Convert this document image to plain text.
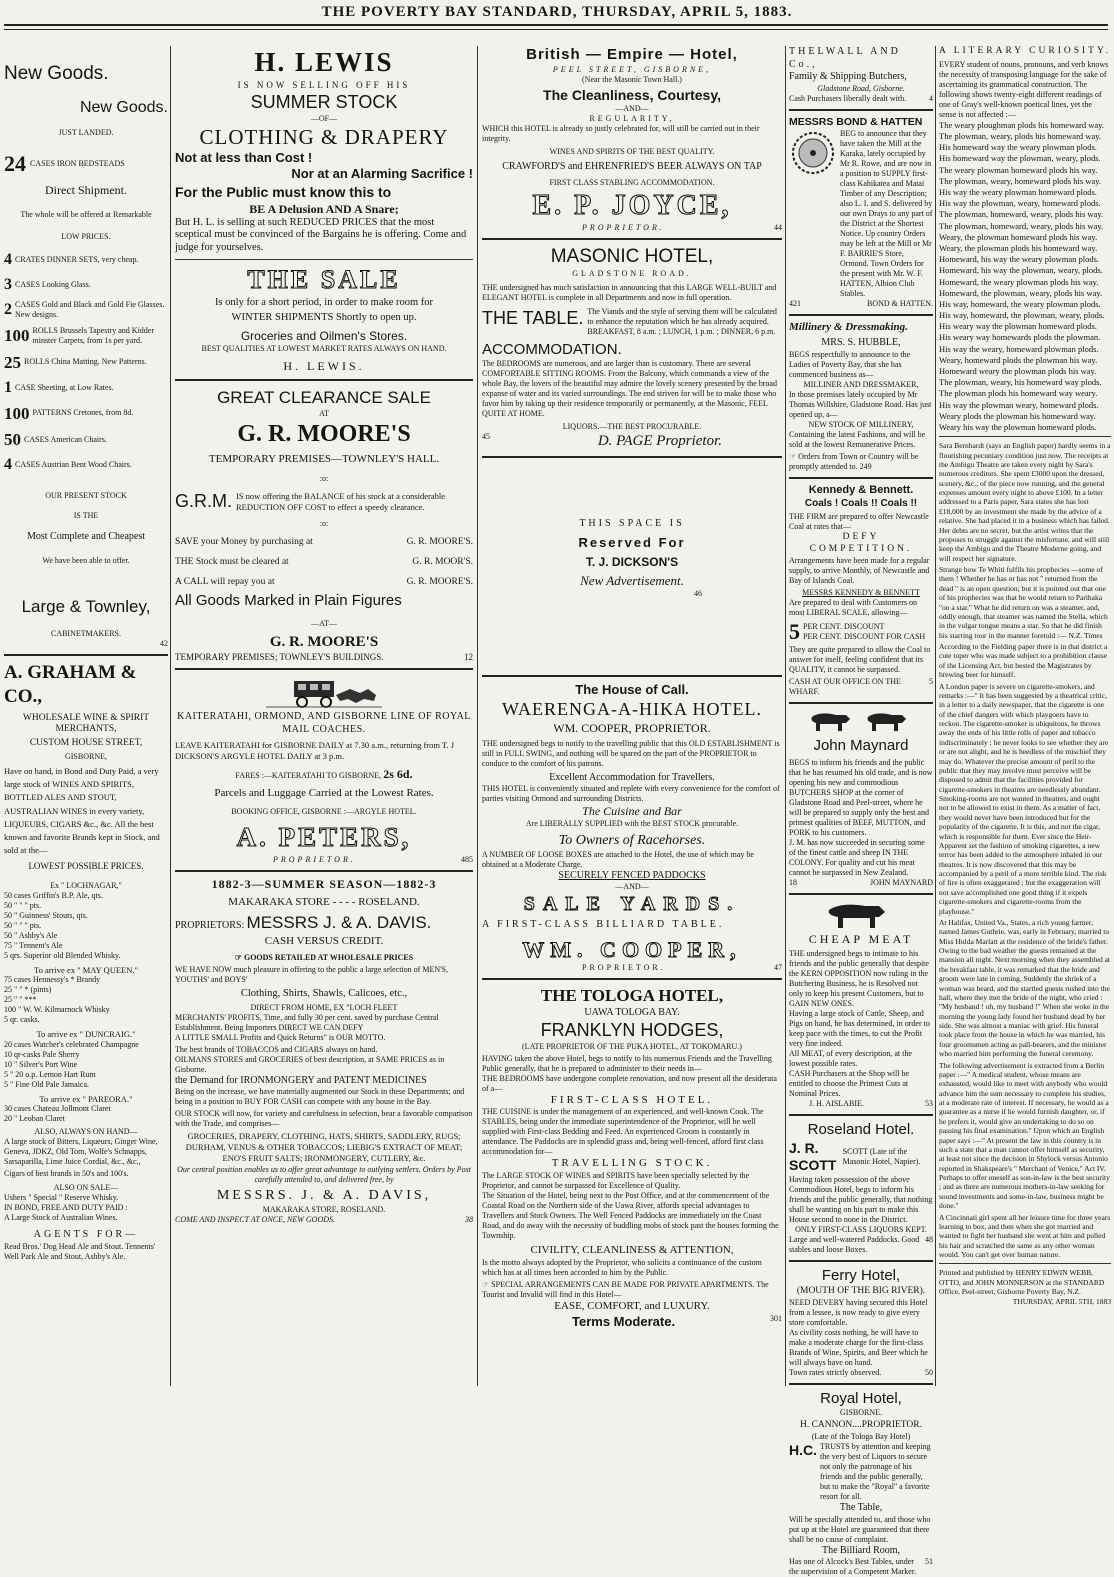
THE POVERTY BAY STANDARD, THURSDAY, APRIL 5, 1883.
New Goods.
New Goods.
JUST LANDED.
24 CASES IRON BEDSTEADS
Direct Shipment.
The whole will be offered at Remarkable
LOW PRICES.
4 CRATES DINNER SETS, very cheap.
3 CASES Looking Glass.
2 CASES Gold and Black and Gold Fie Glasses. New designs.
100 ROLLS Brussels Tapestry and Kidder minster Carpets, from 1s per yard.
25 ROLLS China Matting. New Patterns.
1 CASE Sheeting, at Low Rates.
100 PATTERNS Cretones, from 8d.
50 CASES American Chairs.
4 CASES Austrian Bent Wood Chairs.
OUR PRESENT STOCK
IS THE
Most Complete and Cheapest
We have been able to offer.
Large & Townley,
CABINETMAKERS.
42
A. GRAHAM & CO.,
WHOLESALE WINE & SPIRIT MERCHANTS,
CUSTOM HOUSE STREET,
GISBORNE,
Have on hand, in Bond and Duty Paid, a very large stock of WINES AND SPIRITS, BOTTLED ALES AND STOUT, AUSTRALIAN WINES in every variety, LIQUEURS, CIGARS &c., &c. All the best known and favorite Brands kept in Stock, and sold at the—
LOWEST POSSIBLE PRICES.
Ex " LOCHNAGAR,"
50 cases Griffin's B.P. Ale, qts.
50 " " " pts.
50 " Guinness' Stouts, qts.
50 " " " pts.
50 " Ashby's Ale
75 " Tennent's Ale
5 qrs. Superior old Blended Whisky.
To arrive ex " MAY QUEEN."
75 cases Hennessy's * Brandy
25 " " * (pints)
25 " " ***
100 " W. W. Kilmarnock Whisky
5 qr. casks.
To arrive ex " DUNCRAIG."
20 cases Watcher's celebrated Champagne
10 qr-casks Pale Sherry
10 " Silver's Port Wine
5 " 20 o.p. Lemon Hart Rum
5 " Fine Old Pale Jamaica.
To arrive ex " PAREORA."
30 cases Chateau Jollmont Claret
20 " Leoban Claret
ALSO, ALWAYS ON HAND—
A large stock of Bitters, Liqueurs, Ginger Wine, Geneva, JDKZ, Old Tom, Wolfe's Schnapps, Sarsaparilla, Lime Juice Cordial, &c., &c.,
Cigars of best brands in 50's and 100's.
ALSO ON SALE—
Ushers " Special " Reserve Whisky.
IN BOND, FREE AND DUTY PAID :
A Large Stock of Australian Wines.
AGENTS FOR—
Read Bros.' Dog Head Ale and Stout. Tennents' Well Park Ale and Stout, Ashby's Ale.
H. LEWIS
IS NOW SELLING OFF HIS
SUMMER STOCK
—OF—
CLOTHING & DRAPERY
Not at less than Cost !
Nor at an Alarming Sacrifice !
For the Public must know this to
BE A Delusion AND A Snare;
But H. L. is selling at such REDUCED PRICES that the most sceptical must be convinced of the Bargains he is offering. Come and judge for yourselves.
THE SALE
Is only for a short period, in order to make room for
WINTER SHIPMENTS Shortly to open up.
Groceries and Oilmen's Stores.
BEST QUALITIES AT LOWEST MARKET RATES ALWAYS ON HAND.
H. LEWIS.
GREAT CLEARANCE SALE
AT
G. R. MOORE'S
TEMPORARY PREMISES—TOWNLEY'S HALL.
:o:
G.R.M. IS now offering the BALANCE of his stock at a considerable REDUCTION OFF COST to effect a speedy clearance.
:o:
SAVE your Money by purchasing at	G. R. MOORE'S.
THE Stock must be cleared at	G. R. MOOR'S.
A CALL will repay you at	G. R. MOORE'S.
All Goods Marked in Plain Figures
—AT—
G. R. MOORE'S
TEMPORARY PREMISES; TOWNLEY'S BUILDINGS.	12
KAITERATAHI, ORMOND, AND GISBORNE LINE OF ROYAL MAIL COACHES.
LEAVE KAITERATAHI for GISBORNE DAILY at 7.30 a.m., returning from T. J DICKSON'S ARGYLE HOTEL DAILY at 3 p.m.
FARES :—KAITERATAHI TO GISBORNE, 2s 6d.
Parcels and Luggage Carried at the Lowest Rates.
BOOKING OFFICE, GISBORNE :—ARGYLE HOTEL.
A. PETERS,
PROPRIETOR.	485
1882-3—SUMMER SEASON—1882-3
MAKARAKA STORE - - - - ROSELAND.
PROPRIETORS: MESSRS J. & A. DAVIS.
CASH VERSUS CREDIT.
☞ GOODS RETAILED AT WHOLESALE PRICES
WE HAVE NOW much pleasure in offering to the public a large selection of MEN'S, YOUTHS' and BOYS'
Clothing, Shirts, Shawls, Calicoes, etc.,
DIRECT FROM HOME, EX "LOCH FLEET
MERCHANTS' PROFITS, Time, and fully 30 per cent. saved by purchase Central Establishment. Being Importers DIRECT WE CAN DEFY
A LITTLE SMALL Profits and Quick Returns" is OUR MOTTO.
The best brands of TOBACCOS and CIGARS always on hand.
OILMANS STORES and GROCERIES of best description, at SAME PRICES as in Gisborne.
the Demand for IRONMONGERY and PATENT MEDICINES
Being on the increase, we have materially augmented our Stock in these Departments; and being in a position to BUY FOR CASH can compete with any house in the Bay.
OUR STOCK will now, for variety and carefulness in selection, bear a favorable comparison with the Trade, and comprises—
GROCERIES, DRAPERY, CLOTHING, HATS, SHIRTS, SADDLERY, RUGS; DURHAM, VENUS & OTHER TOBACCOS; LIEBIG'S EXTRACT OF MEAT; ENO'S FRUIT SALTS; IRONMONGERY, CUTLERY, &c.
Our central position enables us to offer great advantage to outlying settlers. Orders by Post carefully attended to, and delivered free, by
MESSRS. J. & A. DAVIS,
MAKARAKA STORE, ROSELAND.
COME AND INSPECT AT ONCE, NEW GOODS.	38
British — Empire — Hotel,
PEEL STREET, GISBORNE,
(Near the Masonic Town Hall.)
The Cleanliness, Courtesy,
—AND—
REGULARITY,
WHICH this HOTEL is already so justly celebrated for, will still be carried out in their integrity.
WINES AND SPIRITS OF THE BEST QUALITY.
CRAWFORD'S and EHRENFRIED'S BEER ALWAYS ON TAP
FIRST CLASS STABLING ACCOMMODATION.
E. P. JOYCE,
PROPRIETOR.	44
MASONIC HOTEL,
GLADSTONE ROAD.
THE undersigned has much satisfaction in announcing that this LARGE WELL-BUILT and ELEGANT HOTEL is complete in all Departments and now in full operation.
THE TABLE. The Viands and the style of serving them will be calculated to enhance the reputation which he has already acquired. BREAKFAST, 8 a.m. ; LUNCH, 1 p.m. ; DINNER, 6 p.m.
ACCOMMODATION.
The BEDROOMS are numerous, and are larger than is customary. There are several COMFORTABLE SITTING ROOMS. From the Balcony, which commands a view of the whole Bay, the lovers of the beautiful may admire the lovely scenery presented by the broad expanse of water and its varied surroundings. The end striven for will be to make those who favor him by taking up their residence temporarily or permanently, at the Masonic, FEEL QUITE AT HOME.
LIQUORS.—THE BEST PROCURABLE.
45	D. PAGE Proprietor.
THIS SPACE IS
Reserved For
T. J. DICKSON'S
New Advertisement.
46
The House of Call.
WAERENGA-A-HIKA HOTEL.
WM. COOPER, PROPRIETOR.
THE undersigned begs to notify to the travelling public that this OLD ESTABLISHMENT is still in FULL SWING, and nothing will be spared on the part of the PROPRIETOR to conduce to the comfort of his patrons.
Excellent Accommodation for Travellers.
THIS HOTEL is conveniently situated and replete with every convenience for the comfort of parties visiting Ormond and surrounding Districts.
The Cuisine and Bar
Are LIBERALLY SUPPLIED with the BEST STOCK procurable.
To Owners of Racehorses.
A NUMBER OF LOOSE BOXES are attached to the Hotel, the use of which may be obtained at a Moderate Charge.
SECURELY FENCED PADDOCKS
—AND—
SALE YARDS.
A FIRST-CLASS BILLIARD TABLE.
WM. COOPER,
PROPRIETOR.	47
THE TOLOGA HOTEL,
UAWA TOLOGA BAY.
FRANKLYN HODGES,
(LATE PROPRIETOR OF THE PUKA HOTEL, AT TOKOMARU.)
HAVING taken the above Hotel, begs to notify to his numerous Friends and the Travelling Public generally, that he is prepared to administer to their needs in—
THE BEDROOMS have undergone complete renovation, and now present all the desiderata of a—
FIRST-CLASS HOTEL.
THE CUISINE is under the management of an experienced, and well-known Cook. The STABLES, being under the immediate superintendence of the Proprietor, will be well supplied with First-class Bedding and Feed. An experienced Groom is constantly in attendance. The Paddocks are in splendid grass and, being well-fenced, afford first class accommodation for—
TRAVELLING STOCK.
The LARGE STOCK OF WINES and SPIRITS have been specially selected by the Proprietor, and cannot be surpassed for Excellence of Quality.
The Situation of the Hotel, being next to the Post Office, and at the commencement of the Coastal Road on the Northern side of the Uawa River, affords special advantages to Travellers and Stock Owners. The Well Fenced Paddocks are immediately on the Coast Road, and do away with the necessity of buddling mobs of stock past the houses forming the Township.
CIVILITY, CLEANLINESS & ATTENTION,
Is the motto always adopted by the Proprietor, who solicits a continuance of the custom which has at all times been accorded to him by the Public.
☞ SPECIAL ARRANGEMENTS CAN BE MADE FOR PRIVATE APARTMENTS. The Tourist and Invalid will find in this Hotel—
EASE, COMFORT, and LUXURY.
Terms Moderate.	301
THELWALL AND Co.,
Family & Shipping Butchers,
Gladstone Road, Gisborne.
Cash Purchasers liberally dealt with.	4
MESSRS BOND & HATTEN
BEG to announce that they have taken the Mill at the Karaka, lately occupied by Mr R. Rowe, and are now in a position to SUPPLY first-class Kahikatea and Matai Timber of any Description; also L. I. and S. delivered by our own Drays to any part of the District at the Shortest Notice. Up country Orders may be left at the Mill or Mr F. BARRIE'S Store, Ormond. Town Orders for the present with Mr. W. F. HATTEN, Albion Club Stables.
421	BOND & HATTEN.
Millinery & Dressmaking.
MRS. S. HUBBLE,
BEGS respectfully to announce to the Ladies of Poverty Bay, that she has commenced business as—
MILLINER AND DRESSMAKER,
In those premises lately occupied by Mr Thomas Willshire, Gladstone Road. Has just opened up, a—
NEW STOCK OF MILLINERY,
Containing the latest Fashions, and will be sold at the lowest Remunerative Prices.
☞ Orders from Town or Country will be promptly attended to. 249
Kennedy & Bennett.
Coals ! Coals !! Coals !!
THE FIRM are prepared to offer Newcastle Coal at rates that—
DEFY COMPETITION.
Arrangements have been made for a regular supply, to arrive Monthly, of Newcastle and Bay of Islands Coal.
MESSRS KENNEDY & BENNETT
Are prepared to deal with Customers on most LIBERAL SCALE, allowing—
5 PER CENT. DISCOUNT
PER CENT. DISCOUNT FOR CASH
They are quite prepared to allow the Coal to answer for itself, feeling confident that its QUALITY, it cannot be surpassed.
CASH AT OUR OFFICE ON THE WHARF.
5
John Maynard
BEGS to inform his friends and the public that he has resumed his old trade, and is now opening his new and commodious BUTCHERS SHOP at the corner of Gladstone Road and Peel-street, where he will be prepared to supply only the best and primest qualities of BEEF, MUTTON, and PORK to his customers.
J. M. has now succeeded in securing some of the finest cattle and sheep IN THE COLONY. For quality and cut his meat cannot be surpassed in New Zealand.
18	JOHN MAYNARD
CHEAP MEAT
THE undersigned begs to intimate to his friends and the public generally that despite the KERN OPPOSITION now ruling in the Butchering Business, he is Resolved not only to keep his present Customers, but to GAIN NEW ONES.
Having a large stock of Cattle, Sheep, and Pigs on hand, he has determined, in order to keep pace with the times, to cut the Profit very fine indeed.
All MEAT, of every description, at the lowest possible rates.
CASH Purchasers at the Shop will be entitled to choose the Primest Cuts at Nominal Prices.
J. H. AISLABIE.	53
Roseland Hotel.
J. R. SCOTT
SCOTT (Late of the Masonic Hotel, Napier).
Having taken possession of the above Commodious Hotel, begs to inform his friends and the public generally, that nothing shall be wanting on his part to make this House second to none in the District.
ONLY FIRST-CLASS LIQUORS KEPT.
Large and well-watered Paddocks. Good stables and loose Boxes.
48
Ferry Hotel,
(MOUTH OF THE BIG RIVER).
NEED DEVERY having secured this Hotel from a lessee, is now ready to give every store comfortable.
As civility costs nothing, he will have to make a moderate charge for the first-class Brands of Wine, Spirits, and Beer which he will always have on hand.
Town rates strictly observed.	50
Royal Hotel,
GISBORNE.
H. CANNON....PROPRIETOR.
(Late of the Tologa Bay Hotel)
H.C. TRUSTS by attention and keeping the very best of Liquors to secure not only the patronage of his friends and the public generally, but to make the "Royal" a favorite resort for all.
The Table,
Will be specially attended to, and those who put up at the Hotel are guaranteed that there shall be no cause of complaint.
The Billiard Room,
Has one of Alcock's Best Tables, under the supervision of a Competent Marker.
51
A LITERARY CURIOSITY.
EVERY student of nouns, pronouns, and verb knows the necessity of transposing language for the sake of ascertaining its grammatical construction. The following shows twenty-eight different readings of one of Gray's well-known poetical lines, yet the sense is not affected :—
The weary ploughman plods his homeward way.
The plowman, weary, plods his homeward way.
His homeward way the weary plowman plods.
His homeward way the plowman, weary, plods.
The weary plowman homeward plods his way.
The plowman, weary, homeward plods his way.
His way the weary plowman homeward plods.
His way the plowman, weary, homeward plods.
The plowman, homeward, weary, plods his way.
The plowman, homeward, weary, plods his way.
Weary, the plowman homeward plods his way.
Weary, the plowman plods his homeward way.
Homeward, his way the weary plowman plods.
Homeward, his way the plowman, weary, plods.
Homeward, the weary plowman plods his way.
Homeward, the plowman, weary, plods his way.
His way, homeward, the weary plowman plods.
His way, homeward, the plowman, weary, plods.
His weary way the plowman homeward plods.
His weary way homewards plods the plowman.
His way the weary, homeward plowman plods.
Weary, homeward plods the plowman his way.
Homeward weary the plowman plods his way.
The plowman, weary, his homeward way plods.
The plowman plods his homeward way weary.
His way the plowman weary, homeward plods.
Weary plods the plowman his homeward way.
Weary his way the plowman homeward plods.
Sara Bernhardt (says an English paper) hardly seems in a flourishing pecuniary condition just now. The receipts at the Ambigu Theatre are taken every night by Sara's numerous creditors. She spent £3000 upon the dressed, scenery, &c., of the piece now running, and the general expenses amount every night to above £100. In a letter addressed to a Paris paper, Sara states she has lost £18,000 by an investment she made by the advice of a relative. She had placed it in a business which has failed. Her debts are no secret, but the artist writes that the proposes to struggle against the misfortune, and will still keep the Ambigu and the Theatre Moderne going, and will respect her signature.
Strange how Te Whiti fulfils his prophecies —some of them ! Whether he has or has not " returned from the dead " is an open question; but it is pointed out that one of his prophecies was that he would return to Parihaka "on a star." What he did return on was a steamer, and, oddly enough, that steamer was named the Stella, which in the vulgar tongue means a star. So that he did finish his starring tour in the manner foretold :— N.Z. Times
According to the Fielding paper there is in that district a cute toper who was made subject to a prohibition clause of the Licensing Act, but bested the Magistrates by brewing beer for himself.
A London paper is severe on cigarette-smokers, and remarks :—" It has been suggested by a theatrical critic, in a letter to a daily newspaper, that the cigarette is one of the chief dangers with which playgoers have to reckon. The cigarette-smoker is ubiquitous, he throws away the ends of his little rolls of paper and tobacco indiscriminately ; he never looks to see whether they are or are not alight, and he is heedless of the mischief they may do. Whatever the precise amount of peril to the public that they may involve must perceive will be disposed to admit that the facilities provided for cigarette-smokers in theatres are needlessly abundant. Smoking-rooms are not wanted in theatres, and ought not to be allowed to exist in them. As a matter of fact, they would never have been introduced but for the popularity of the cigarette. It is this, and not the cigar, which is responsible for them. Ever since the Heir-Apparent set the fashion of smoking cigarettes, a new terror has been added to the atmosphere inhaled in our theatres. It is now discovered that this may be accompanied by a peril of a more terrible kind. The risk of fire is often exaggerated ; but the exaggeration will not save accomplished one good thing if it expels cigarette-smokers and cigarette-rooms from the playhouse."
At Halifax, United Va., States, a rich young farmer, named James Guthrie, was, early in February, married to Miss Hulda Marlatt at the residence of the bride's father. Owing to the bad weather the guests remained at the mansion all night. Next morning when they assembled at the breakfast table, it was remarked that the bride and groom were late in coming. Suddenly the shriek of a woman was heard, and the startled guests rushed into the hall, where they met the bride of the night, who cried : "My husband ! oh, my husband !" When she woke in the morning the young lady found her husband dead by her side. She was almost a maniac with grief. His funeral took place from the house in which he was married, his four groomsmen acting as pall-bearers, and the minister who married him performing the funeral ceremony.
The following advertisement is extracted from a Berlin paper :—" A medical student, whose means are exhausted, would like to meet with anybody who would advance him the sum necessary to complete his studies, at a moderate rate of interest. If necessary, he would as a guarantee as a nurse if he would furnish daughter, or, if he prefers it, would give an undertaking to do so on passing his final examination." Upon which an English paper says :—" At present the law in this country is in such a state that a man cannot offer himself as security, at least not since the decision in Shylock versus Antonio reported in Shakspeare's " Merchant of Venice," Act IV. Perhaps to offer oneself as son-in-law is the best security ; and as there are numerous mothers-in-law seeking for sound investments and some-in-law, business might be done."
A Cincinnati girl spent all her leisure time for three years learning to box, and then when she got married and wanted to fight her husband she went at him and pulled his hair and scratched the same as any other woman would. You can't get over human nature.
Printed and published by HENRY EDWIN WEBB, OTTO, and JOHN MONNERSON at the STANDARD Office, Peel-street, Gisborne Poverty Bay, N.Z.
THURSDAY, APRIL 5TH, 1883
